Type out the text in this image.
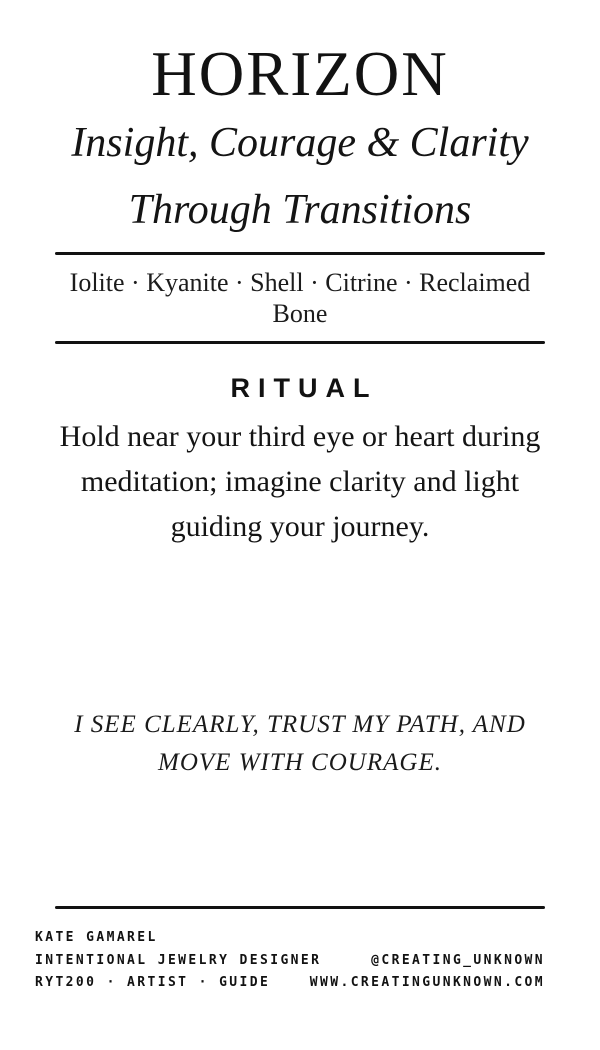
HORIZON
Insight, Courage & Clarity
Through Transitions
Iolite · Kyanite · Shell · Citrine · Reclaimed
Bone
RITUAL
Hold near your third eye or heart during
meditation; imagine clarity and light
guiding your journey.
I SEE CLEARLY, TRUST MY PATH, AND
MOVE WITH COURAGE.
KATE GAMAREL
INTENTIONAL JEWELRY DESIGNER
RYT200 · ARTIST · GUIDE
@CREATING_UNKNOWN
WWW.CREATINGUNKNOWN.COM
